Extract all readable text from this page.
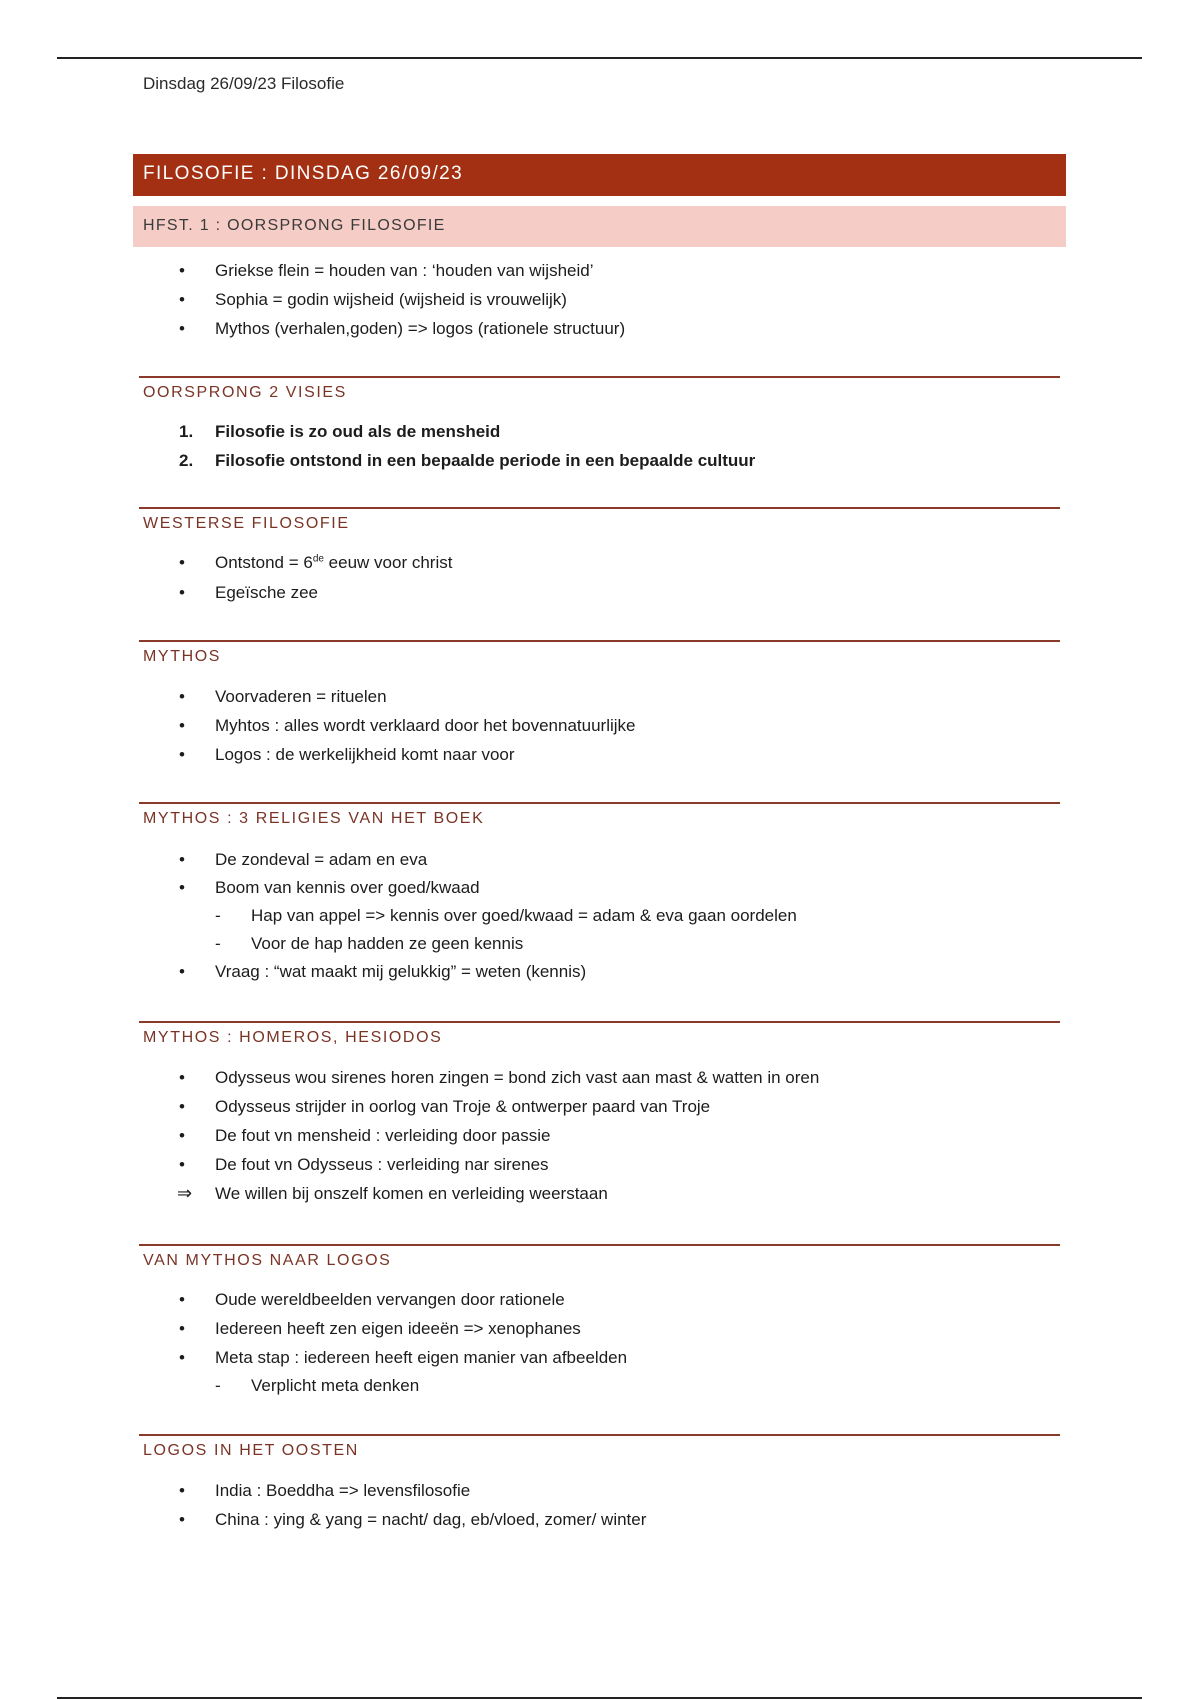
Dinsdag 26/09/23 Filosofie
FILOSOFIE : DINSDAG 26/09/23
HFST. 1 : OORSPRONG FILOSOFIE
• Griekse flein = houden van : ‘houden van wijsheid’
• Sophia = godin wijsheid (wijsheid is vrouwelijk)
• Mythos (verhalen,goden) => logos (rationele structuur)
OORSPRONG 2 VISIES
1. Filosofie is zo oud als de mensheid
2. Filosofie ontstond in een bepaalde periode in een bepaalde cultuur
WESTERSE FILOSOFIE
• Ontstond = 6de eeuw voor christ
• Egeïsche zee
MYTHOS
• Voorvaderen = rituelen
• Myhtos : alles wordt verklaard door het bovennatuurlijke
• Logos : de werkelijkheid komt naar voor
MYTHOS : 3 RELIGIES VAN HET BOEK
• De zondeval = adam en eva
• Boom van kennis over goed/kwaad
- Hap van appel => kennis over goed/kwaad = adam & eva gaan oordelen
- Voor de hap hadden ze geen kennis
• Vraag : “wat maakt mij gelukkig” = weten (kennis)
MYTHOS : HOMEROS, HESIODOS
• Odysseus wou sirenes horen zingen = bond zich vast aan mast & watten in oren
• Odysseus strijder in oorlog van Troje & ontwerper paard van Troje
• De fout vn mensheid : verleiding door passie
• De fout vn Odysseus : verleiding nar sirenes
⇒ We willen bij onszelf komen en verleiding weerstaan
VAN MYTHOS NAAR LOGOS
• Oude wereldbeelden vervangen door rationele
• Iedereen heeft zen eigen ideeën => xenophanes
• Meta stap : iedereen heeft eigen manier van afbeelden
- Verplicht meta denken
LOGOS IN HET OOSTEN
• India : Boeddha => levensfilosofie
• China : ying & yang = nacht/ dag, eb/vloed, zomer/ winter
